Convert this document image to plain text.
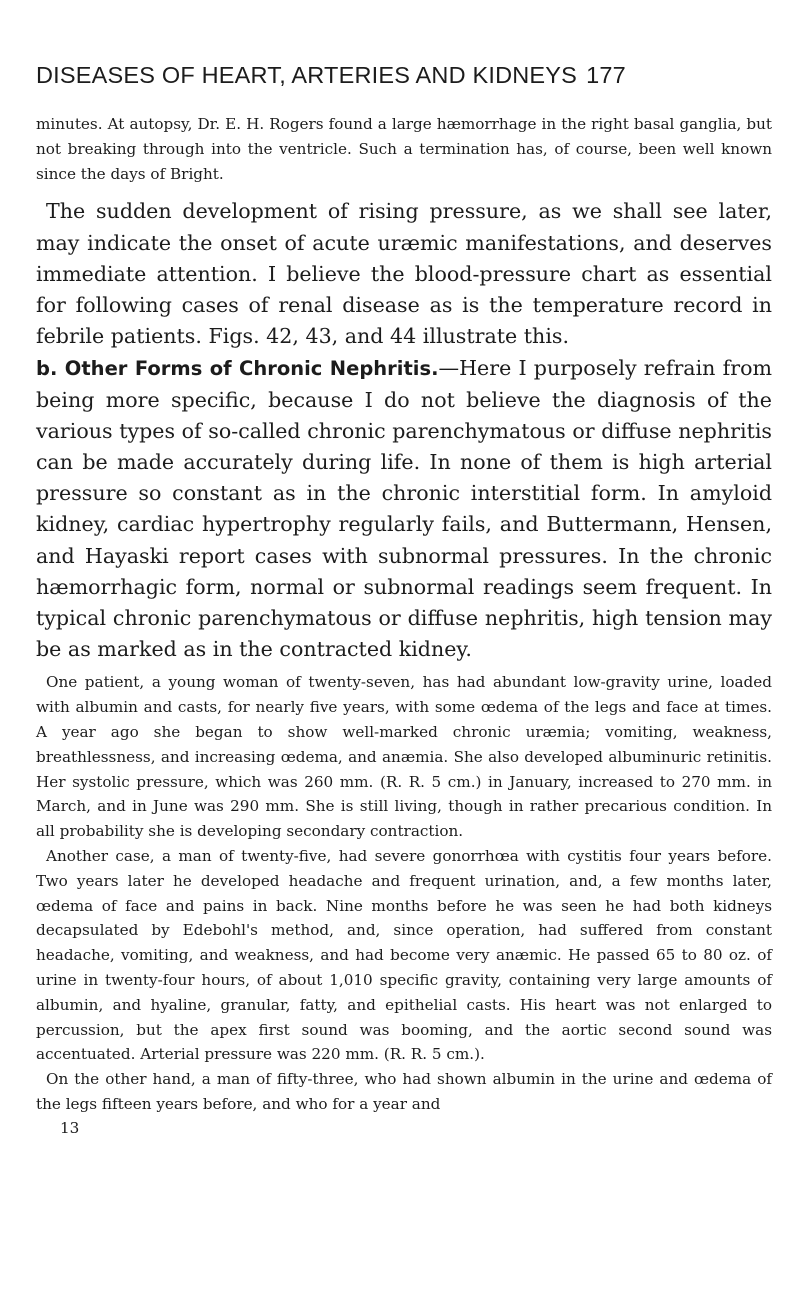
DISEASES OF HEART, ARTERIES AND KIDNEYS 177

minutes. At autopsy, Dr. E. H. Rogers found a large hæmorrhage in the right basal ganglia, but not breaking through into the ventricle. Such a termination has, of course, been well known since the days of Bright.

The sudden development of rising pressure, as we shall see later, may indicate the onset of acute uræmic manifestations, and deserves immediate attention. I believe the blood-pressure chart as essential for following cases of renal disease as is the temperature record in febrile patients. Figs. 42, 43, and 44 illustrate this.

b. Other Forms of Chronic Nephritis.—Here I purposely refrain from being more specific, because I do not believe the diagnosis of the various types of so-called chronic parenchymatous or diffuse nephritis can be made accurately during life. In none of them is high arterial pressure so constant as in the chronic interstitial form. In amyloid kidney, cardiac hypertrophy regularly fails, and Buttermann, Hensen, and Hayaski report cases with subnormal pressures. In the chronic hæmorrhagic form, normal or subnormal readings seem frequent. In typical chronic parenchymatous or diffuse nephritis, high tension may be as marked as in the contracted kidney.

One patient, a young woman of twenty-seven, has had abundant low-gravity urine, loaded with albumin and casts, for nearly five years, with some œdema of the legs and face at times. A year ago she began to show well-marked chronic uræmia; vomiting, weakness, breathlessness, and increasing œdema, and anæmia. She also developed albuminuric retinitis. Her systolic pressure, which was 260 mm. (R. R. 5 cm.) in January, increased to 270 mm. in March, and in June was 290 mm. She is still living, though in rather precarious condition. In all probability she is developing secondary contraction.

Another case, a man of twenty-five, had severe gonorrhœa with cystitis four years before. Two years later he developed headache and frequent urination, and, a few months later, œdema of face and pains in back. Nine months before he was seen he had both kidneys decapsulated by Edebohl's method, and, since operation, had suffered from constant headache, vomiting, and weakness, and had become very anæmic. He passed 65 to 80 oz. of urine in twenty-four hours, of about 1,010 specific gravity, containing very large amounts of albumin, and hyaline, granular, fatty, and epithelial casts. His heart was not enlarged to percussion, but the apex first sound was booming, and the aortic second sound was accentuated. Arterial pressure was 220 mm. (R. R. 5 cm.).

On the other hand, a man of fifty-three, who had shown albumin in the urine and œdema of the legs fifteen years before, and who for a year and

13
